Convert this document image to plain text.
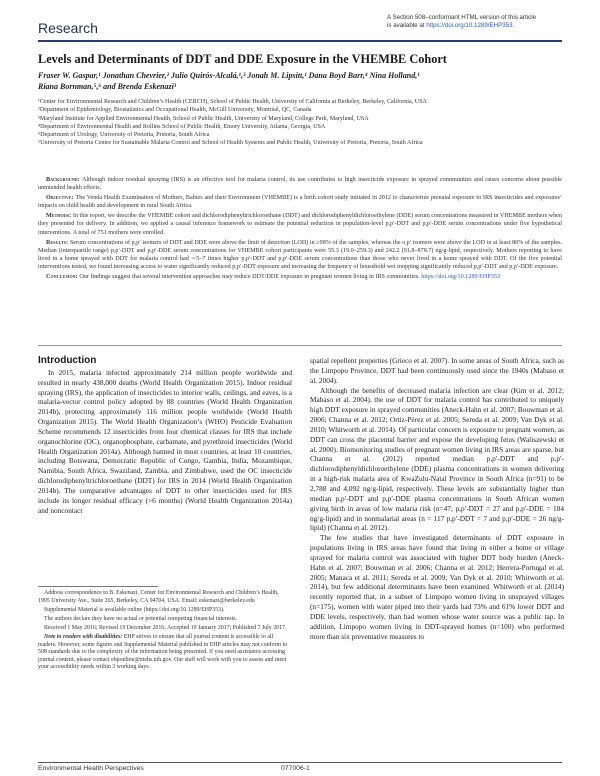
Research
A Section 508–conformant HTML version of this article
is available at https://doi.org/10.1289/EHP353.
Levels and Determinants of DDT and DDE Exposure in the VHEMBE Cohort
Fraser W. Gaspar,¹ Jonathan Chevrier,² Julio Quirós-Alcalá,¹,³ Jonah M. Lipsitt,¹ Dana Boyd Barr,⁴ Nina Holland,¹
Riana Bornman,⁵,⁶ and Brenda Eskenazi¹
¹Center for Environmental Research and Children’s Health (CERCH), School of Public Health, University of California at Berkeley, Berkeley, California, USA
²Department of Epidemiology, Biostatistics and Occupational Health, McGill University, Montréal, QC, Canada
³Maryland Institute for Applied Environmental Health, School of Public Health, University of Maryland, College Park, Maryland, USA
⁴Department of Environmental Health and Rollins School of Public Health, Emory University, Atlanta, Georgia, USA
⁵Department of Urology, University of Pretoria, Pretoria, South Africa
⁶University of Pretoria Centre for Sustainable Malaria Control and School of Health Systems and Public Health, University of Pretoria, Pretoria, South Africa

Background: Although indoor residual spraying (IRS) is an effective tool for malaria control, its use contributes to high insecticide exposure in sprayed communities and raises concerns about possible unintended health effects.

Objective: The Venda Health Examination of Mothers, Babies and their Environment (VHEMBE) is a birth cohort study initiated in 2012 to characterize prenatal exposure to IRS insecticides and exposures’ impacts on child health and development in rural South Africa.

Methods: In this report, we describe the VHEMBE cohort and dichlorodiphenyltrichloroethane (DDT) and dichlorodiphenyldichloroethylene (DDE) serum concentrations measured in VHEMBE mothers when they presented for delivery. In addition, we applied a causal inference framework to estimate the potential reduction in population-level p,p′-DDT and p,p′-DDE serum concentrations under five hypothetical interventions. A total of 751 mothers were enrolled.

Results: Serum concentrations of p,p′ isomers of DDT and DDE were above the limit of detection (LOD) in ≥98% of the samples, whereas the o,p′ isomers were above the LOD in at least 80% of the samples. Median (interquartile range) p,p′-DDT and p,p′-DDE serum concentrations for VHEMBE cohort participants were 55.3 (19.0–259.3) and 242.2 (91.8–878.7) ng/g-lipid, respectively. Mothers reporting to have lived in a home sprayed with DDT for malaria control had ∼5–7 times higher p,p′-DDT and p,p′-DDE serum concentrations than those who never lived in a home sprayed with DDT. Of the five potential interventions tested, we found increasing access to water significantly reduced p,p′-DDT exposure and increasing the frequency of household wet mopping significantly reduced p,p′-DDT and p,p′-DDE exposure.

Conclusion: Our findings suggest that several intervention approaches may reduce DDT/DDE exposure in pregnant women living in IRS communities. https://doi.org/10.1289/EHP353

Introduction

In 2015, malaria infected approximately 214 million people worldwide and resulted in nearly 438,000 deaths (World Health Organization 2015). Indoor residual spraying (IRS), the application of insecticides to interior walls, ceilings, and eaves, is a malaria-vector control policy adopted by 88 countries (World Health Organization 2014b), protecting approximately 116 million people worldwide (World Health Organization 2015). The World Health Organization’s (WHO) Pesticide Evaluation Scheme recommends 12 insecticides from four chemical classes for IRS that include organochlorine (OC), organophosphate, carbamate, and pyrethroid insecticides (World Health Organization 2014a). Although banned in most countries, at least 10 countries, including Botswana, Democratic Republic of Congo, Gambia, India, Mozambique, Namibia, South Africa, Swaziland, Zambia, and Zimbabwe, used the OC insecticide dichlorodiphenyltrichloroethane (DDT) for IRS in 2014 (World Health Organization 2014b). The comparative advantages of DDT to other insecticides used for IRS include its longer residual efficacy (>6 months) (World Health Organization 2014a) and noncontact

Address correspondence to B. Eskenazi, Center for Environmental Research and Children’s Health, 1995 University Ave., Suite 265, Berkeley, CA 94704, USA. Email: eskenazi@berkeley.edu

Supplemental Material is available online (https://doi.org/10.1289/EHP353).

The authors declare they have no actual or potential competing financial interests.

Received 1 May 2016; Revised 19 December 2016; Accepted 19 January 2017; Published 7 July 2017.

Note to readers with disabilities: EHP strives to ensure that all journal content is accessible to all readers. However, some figures and Supplemental Material published in EHP articles may not conform to 508 standards due to the complexity of the information being presented. If you need assistance accessing journal content, please contact ehponline@niehs.nih.gov. Our staff will work with you to assess and meet your accessibility needs within 3 working days.

spatial repellent properties (Grieco et al. 2007). In some areas of South Africa, such as the Limpopo Province, DDT had been continuously used since the 1940s (Mabaso et al. 2004).

Although the benefits of decreased malaria infection are clear (Kim et al. 2012; Mabaso et al. 2004), the use of DDT for malaria control has contributed to uniquely high DDT exposure in sprayed communities (Aneck-Hahn et al. 2007; Bouwman et al. 2006; Channa et al. 2012; Ortiz-Pérez et al. 2005; Sereda et al. 2009; Van Dyk et al. 2010; Whitworth et al. 2014). Of particular concern is exposure to pregnant women, as DDT can cross the placental barrier and expose the developing fetus (Waliszewski et al. 2000). Biomonitoring studies of pregnant women living in IRS areas are sparse, but Channa et al. (2012) reported median p,p′-DDT and p,p′-dichlorodiphenyldichloroethylene (DDE) plasma concentrations in women delivering in a high-risk malaria area of KwaZulu-Natal Province in South Africa (n=91) to be 2,788 and 4,092 ng/g-lipid, respectively. These levels are substantially higher than median p,p′-DDT and p,p′-DDE plasma concentrations in South African women giving birth in areas of low malaria risk (n=47; p,p′-DDT = 27 and p,p′-DDE = 184 ng/g-lipid) and in nonmalarial areas (n = 117 p,p′-DDT = 7 and p,p′-DDE = 26 ng/g-lipid) (Channa et al. 2012).

The few studies that have investigated determinants of DDT exposure in populations living in IRS areas have found that living in either a home or village sprayed for malaria control was associated with higher DDT body burden (Aneck-Hahn et al. 2007; Bouwman et al. 2006; Channa et al. 2012; Herrera-Portugal et al. 2005; Manaca et al. 2011; Sereda et al. 2009; Van Dyk et al. 2010; Whitworth et al. 2014), but few additional determinants have been examined. Whitworth et al. (2014) recently reported that, in a subset of Limpopo women living in unsprayed villages (n=175), women with water piped into their yards had 73% and 61% lower DDT and DDE levels, respectively, than had women whose water source was a public tap. In addition, Limpopo women living in DDT-sprayed homes (n=100) who performed more than six preventative measures to

Environmental Health Perspectives	077006-1
